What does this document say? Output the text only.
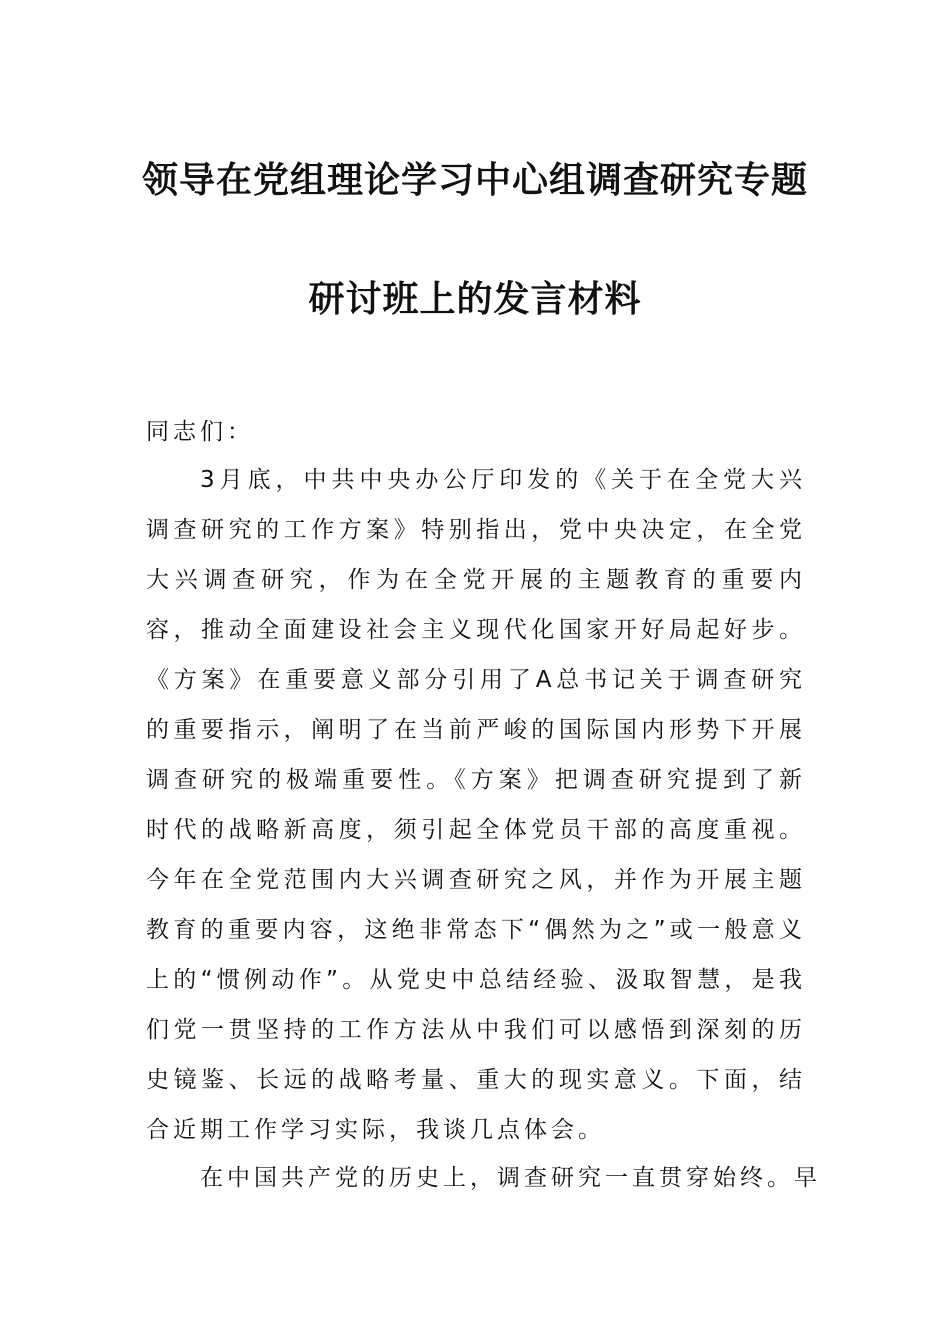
领导在党组理论学习中心组调查研究专题
研讨班上的发言材料

同志们：

3月底，中共中央办公厅印发的《关于在全党大兴调查研究的工作方案》特别指出，党中央决定，在全党大兴调查研究，作为在全党开展的主题教育的重要内容，推动全面建设社会主义现代化国家开好局起好步。《方案》在重要意义部分引用了A总书记关于调查研究的重要指示，阐明了在当前严峻的国际国内形势下开展调查研究的极端重要性。《方案》把调查研究提到了新时代的战略新高度，须引起全体党员干部的高度重视。今年在全党范围内大兴调查研究之风，并作为开展主题教育的重要内容，这绝非常态下“偶然为之”或一般意义上的“惯例动作”。从党史中总结经验、汲取智慧，是我们党一贯坚持的工作方法从中我们可以感悟到深刻的历史镜鉴、长远的战略考量、重大的现实意义。下面，结合近期工作学习实际，我谈几点体会。

在中国共产党的历史上，调查研究一直贯穿始终。早
